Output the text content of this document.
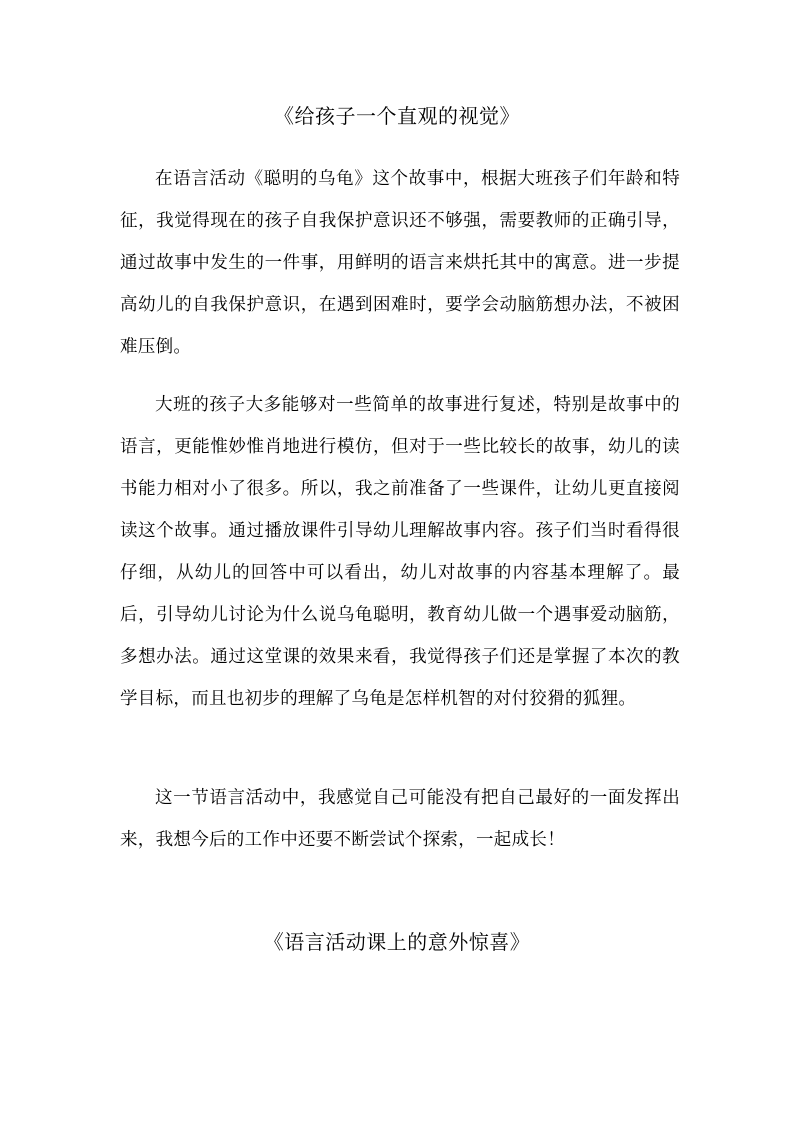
《给孩子一个直观的视觉》

在语言活动《聪明的乌龟》这个故事中，根据大班孩子们年龄和特征，我觉得现在的孩子自我保护意识还不够强，需要教师的正确引导，通过故事中发生的一件事，用鲜明的语言来烘托其中的寓意。进一步提高幼儿的自我保护意识，在遇到困难时，要学会动脑筋想办法，不被困难压倒。

大班的孩子大多能够对一些简单的故事进行复述，特别是故事中的语言，更能惟妙惟肖地进行模仿，但对于一些比较长的故事，幼儿的读书能力相对小了很多。所以，我之前准备了一些课件，让幼儿更直接阅读这个故事。通过播放课件引导幼儿理解故事内容。孩子们当时看得很仔细，从幼儿的回答中可以看出，幼儿对故事的内容基本理解了。最后，引导幼儿讨论为什么说乌龟聪明，教育幼儿做一个遇事爱动脑筋，多想办法。通过这堂课的效果来看，我觉得孩子们还是掌握了本次的教学目标，而且也初步的理解了乌龟是怎样机智的对付狡猾的狐狸。

这一节语言活动中，我感觉自己可能没有把自己最好的一面发挥出来，我想今后的工作中还要不断尝试个探索，一起成长！

《语言活动课上的意外惊喜》
